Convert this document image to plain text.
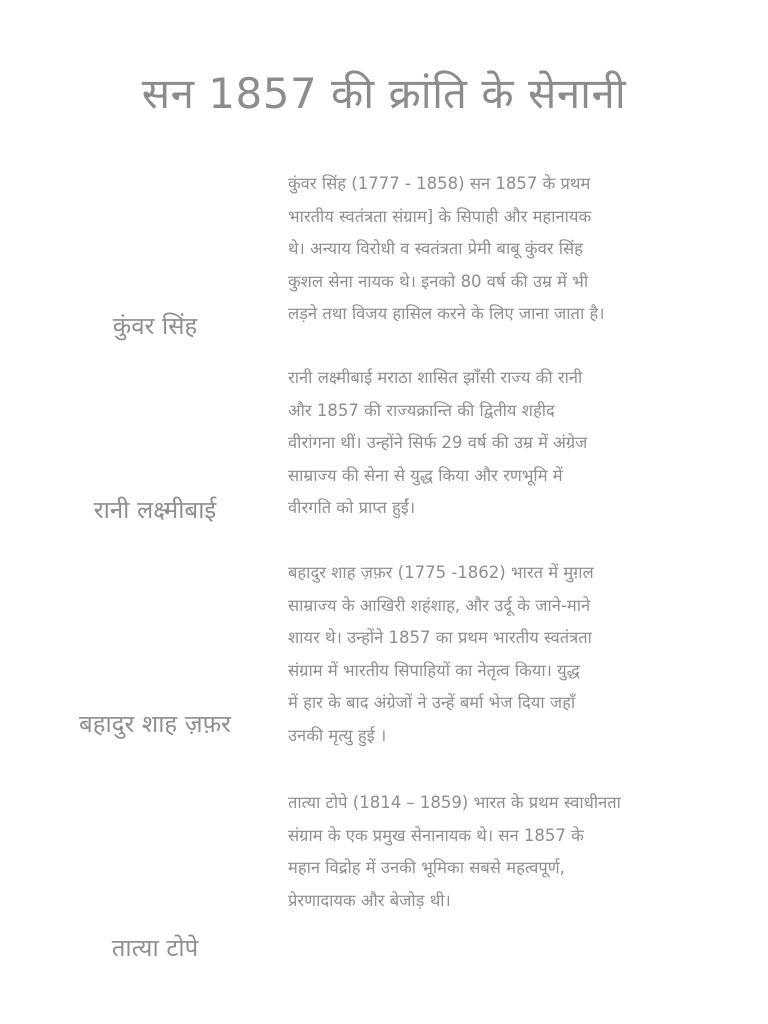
सन 1857 की क्रांति के सेनानी
कुंवर सिंह (1777 - 1858) सन 1857 के प्रथम
भारतीय स्वतंत्रता संग्राम] के सिपाही और महानायक
थे। अन्याय विरोधी व स्वतंत्रता प्रेमी बाबू कुंवर सिंह
कुशल सेना नायक थे। इनको 80 वर्ष की उम्र में भी
लड़ने तथा विजय हासिल करने के लिए जाना जाता है।
कुंवर सिंह
रानी लक्ष्मीबाई मराठा शासित झाँसी राज्य की रानी
और 1857 की राज्यक्रान्ति की द्वितीय शहीद
वीरांगना थीं। उन्होंने सिर्फ 29 वर्ष की उम्र में अंग्रेज
साम्राज्य की सेना से युद्ध किया और रणभूमि में
वीरगति को प्राप्त हुईं।
रानी लक्ष्मीबाई
बहादुर शाह ज़फ़र (1775 -1862) भारत में मुग़ल
साम्राज्य के आखिरी शहंशाह, और उर्दू के जाने-माने
शायर थे। उन्होंने 1857 का प्रथम भारतीय स्वतंत्रता
संग्राम में भारतीय सिपाहियों का नेतृत्व किया। युद्ध
में हार के बाद अंग्रेजों ने उन्हें बर्मा भेज दिया जहाँ
उनकी मृत्यु हुई ।
बहादुर शाह ज़फ़र
तात्या टोपे (1814 – 1859) भारत के प्रथम स्वाधीनता
संग्राम के एक प्रमुख सेनानायक थे। सन 1857 के
महान विद्रोह में उनकी भूमिका सबसे महत्वपूर्ण,
प्रेरणादायक और बेजोड़ थी।
तात्या टोपे
